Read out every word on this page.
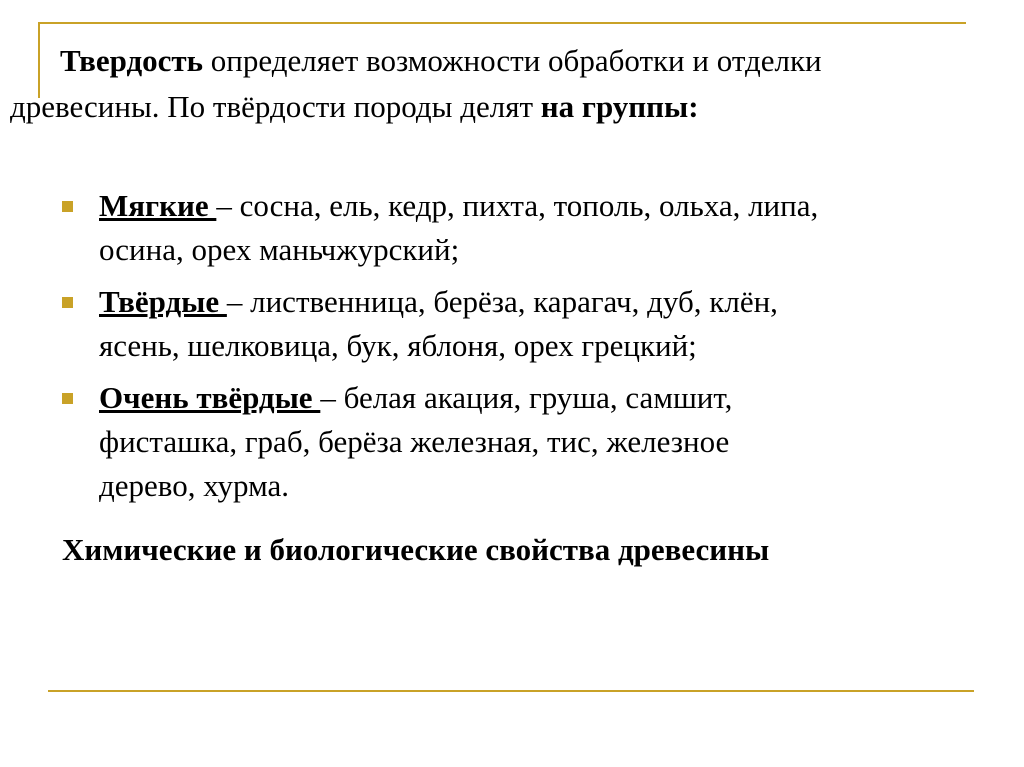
Твердость определяет возможности обработки и отделки
древесины. По твёрдости породы делят на группы:
Мягкие – сосна, ель, кедр, пихта, тополь, ольха, липа,
осина, орех маньчжурский;
Твёрдые – лиственница, берёза, карагач, дуб, клён,
ясень, шелковица, бук, яблоня, орех грецкий;
Очень твёрдые – белая акация, груша, самшит,
фисташка, граб, берёза железная, тис, железное
дерево, хурма.
Химические и биологические свойства древесины
